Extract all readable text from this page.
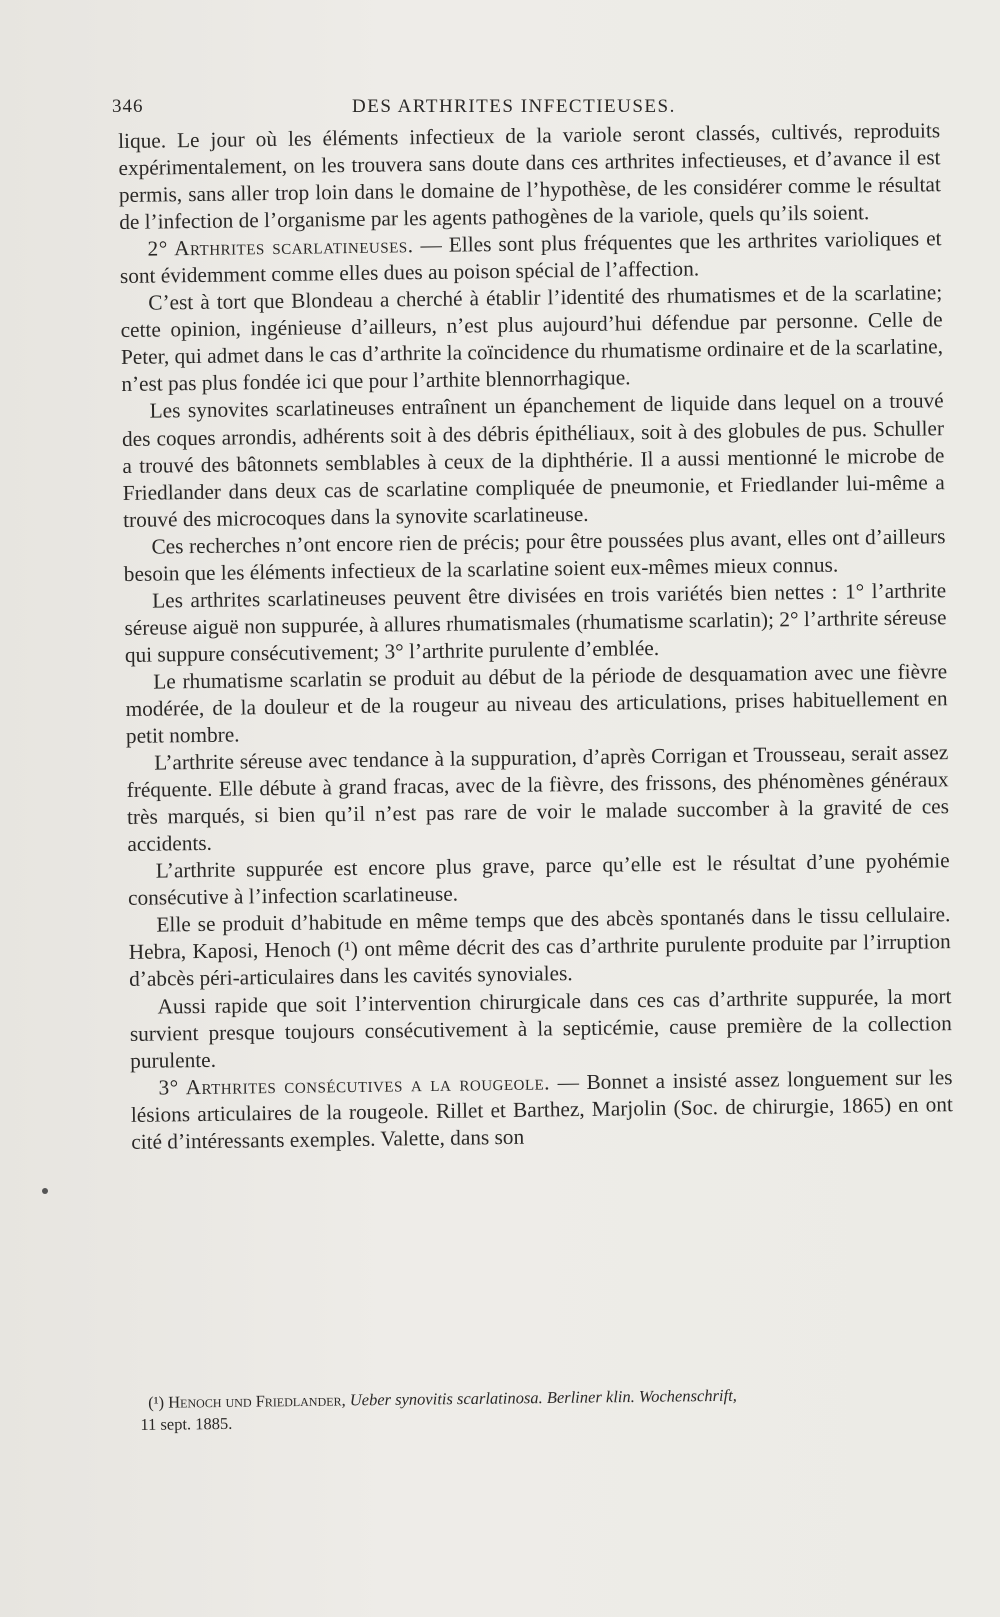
346	DES ARTHRITES INFECTIEUSES.

lique. Le jour où les éléments infectieux de la variole seront classés, cultivés, reproduits expérimentalement, on les trouvera sans doute dans ces arthrites infectieuses, et d’avance il est permis, sans aller trop loin dans le domaine de l’hypothèse, de les considérer comme le résultat de l’infection de l’organisme par les agents pathogènes de la variole, quels qu’ils soient.

2° Arthrites scarlatineuses. — Elles sont plus fréquentes que les arthrites varioliques et sont évidemment comme elles dues au poison spécial de l’affection.

C’est à tort que Blondeau a cherché à établir l’identité des rhumatismes et de la scarlatine; cette opinion, ingénieuse d’ailleurs, n’est plus aujourd’hui défendue par personne. Celle de Peter, qui admet dans le cas d’arthrite la coïncidence du rhumatisme ordinaire et de la scarlatine, n’est pas plus fondée ici que pour l’arthite blennorrhagique.

Les synovites scarlatineuses entraînent un épanchement de liquide dans lequel on a trouvé des coques arrondis, adhérents soit à des débris épithéliaux, soit à des globules de pus. Schuller a trouvé des bâtonnets semblables à ceux de la diphthérie. Il a aussi mentionné le microbe de Friedlander dans deux cas de scarlatine compliquée de pneumonie, et Friedlander lui-même a trouvé des microcoques dans la synovite scarlatineuse.

Ces recherches n’ont encore rien de précis; pour être poussées plus avant, elles ont d’ailleurs besoin que les éléments infectieux de la scarlatine soient eux-mêmes mieux connus.

Les arthrites scarlatineuses peuvent être divisées en trois variétés bien nettes : 1° l’arthrite séreuse aiguë non suppurée, à allures rhumatismales (rhumatisme scarlatin); 2° l’arthrite séreuse qui suppure consécutivement; 3° l’arthrite purulente d’emblée.

Le rhumatisme scarlatin se produit au début de la période de desquamation avec une fièvre modérée, de la douleur et de la rougeur au niveau des articulations, prises habituellement en petit nombre.

L’arthrite séreuse avec tendance à la suppuration, d’après Corrigan et Trousseau, serait assez fréquente. Elle débute à grand fracas, avec de la fièvre, des frissons, des phénomènes généraux très marqués, si bien qu’il n’est pas rare de voir le malade succomber à la gravité de ces accidents.

L’arthrite suppurée est encore plus grave, parce qu’elle est le résultat d’une pyohémie consécutive à l’infection scarlatineuse.

Elle se produit d’habitude en même temps que des abcès spontanés dans le tissu cellulaire. Hebra, Kaposi, Henoch (¹) ont même décrit des cas d’arthrite purulente produite par l’irruption d’abcès péri-articulaires dans les cavités synoviales.

Aussi rapide que soit l’intervention chirurgicale dans ces cas d’arthrite suppurée, la mort survient presque toujours consécutivement à la septicémie, cause première de la collection purulente.

3° Arthrites consécutives a la rougeole. — Bonnet a insisté assez longuement sur les lésions articulaires de la rougeole. Rillet et Barthez, Marjolin (Soc. de chirurgie, 1865) en ont cité d’intéressants exemples. Valette, dans son

(¹) Henoch und Friedlander, Ueber synovitis scarlatinosa. Berliner klin. Wochenschrift,
11 sept. 1885.
